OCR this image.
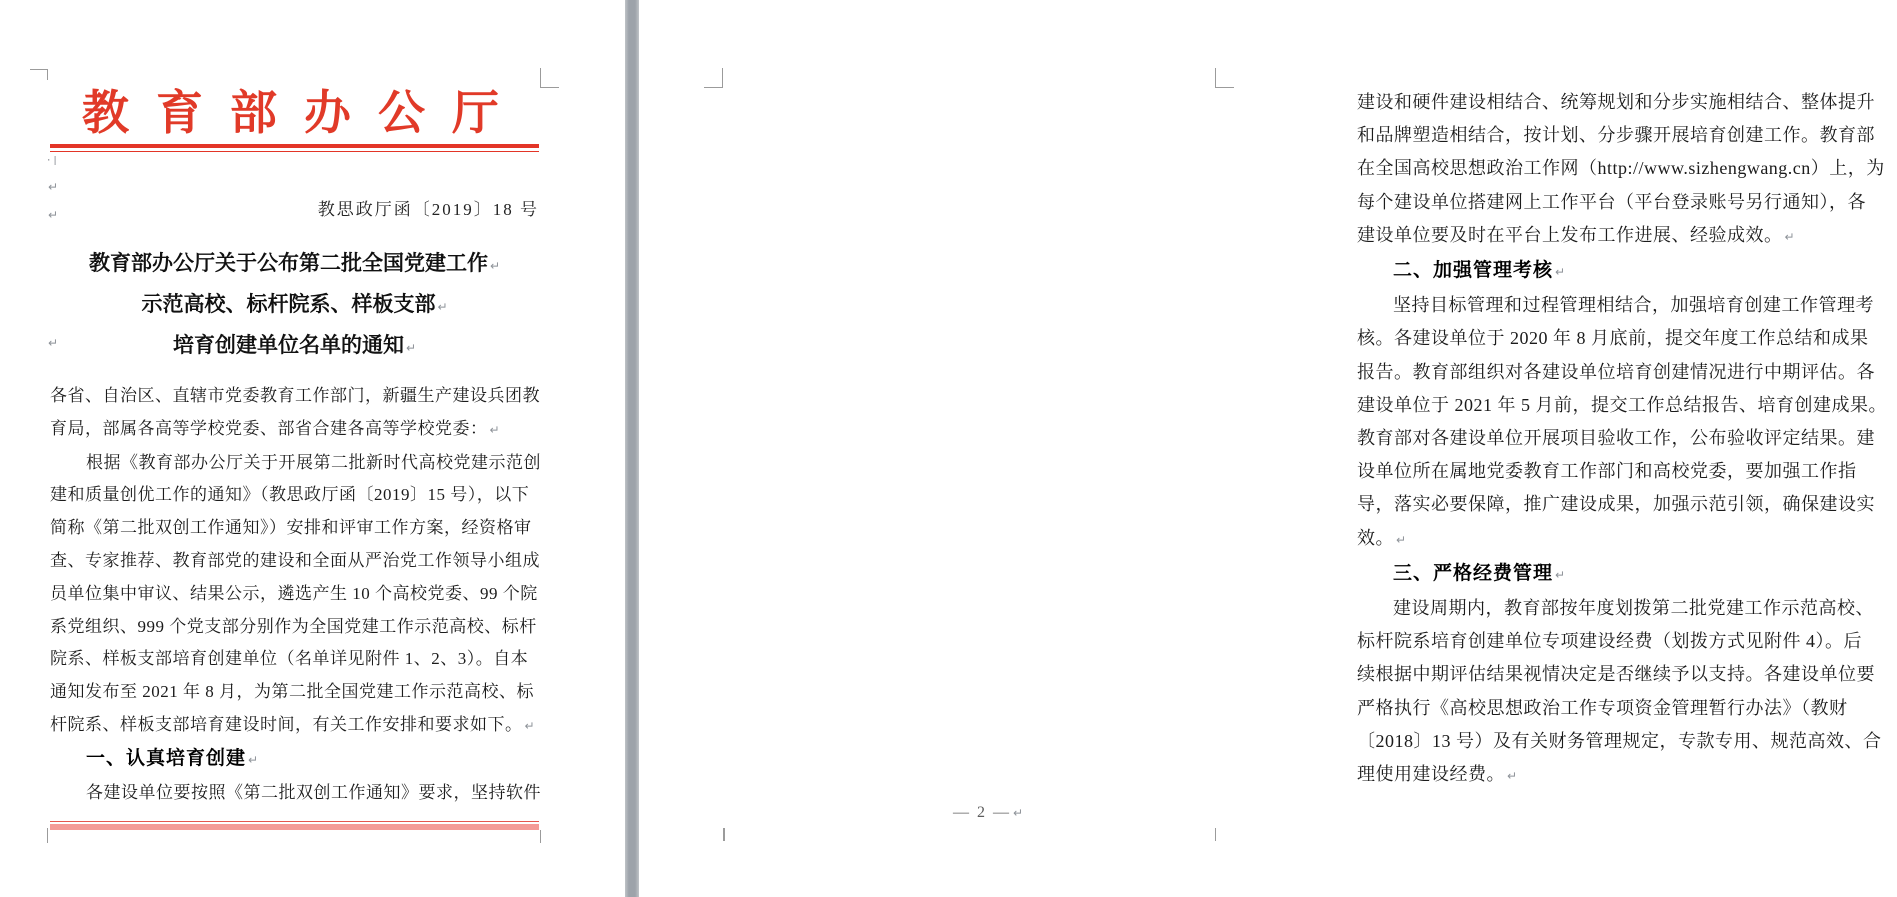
教育部办公厅
·|
↵
↵
↵
教思政厅函〔2019〕18 号
教育部办公厅关于公布第二批全国党建工作 ↵
示范高校、标杆院系、样板支部 ↵
培育创建单位名单的通知 ↵
各省、自治区、直辖市党委教育工作部门，新疆生产建设兵团教
育局，部属各高等学校党委、部省合建各高等学校党委： ↵
根据《教育部办公厅关于开展第二批新时代高校党建示范创
建和质量创优工作的通知》（教思政厅函〔2019〕15 号），以下
简称《第二批双创工作通知》）安排和评审工作方案，经资格审
查、专家推荐、教育部党的建设和全面从严治党工作领导小组成
员单位集中审议、结果公示，遴选产生 10 个高校党委、99 个院
系党组织、999 个党支部分别作为全国党建工作示范高校、标杆
院系、样板支部培育创建单位（名单详见附件 1、2、3）。自本
通知发布至 2021 年 8 月，为第二批全国党建工作示范高校、标
杆院系、样板支部培育建设时间，有关工作安排和要求如下。 ↵
一、认真培育创建 ↵
各建设单位要按照《第二批双创工作通知》要求，坚持软件
建设和硬件建设相结合、统筹规划和分步实施相结合、整体提升
和品牌塑造相结合，按计划、分步骤开展培育创建工作。教育部
在全国高校思想政治工作网（http://www.sizhengwang.cn）上，为
每个建设单位搭建网上工作平台（平台登录账号另行通知），各
建设单位要及时在平台上发布工作进展、经验成效。 ↵
二、加强管理考核 ↵
坚持目标管理和过程管理相结合，加强培育创建工作管理考
核。各建设单位于 2020 年 8 月底前，提交年度工作总结和成果
报告。教育部组织对各建设单位培育创建情况进行中期评估。各
建设单位于 2021 年 5 月前，提交工作总结报告、培育创建成果。
教育部对各建设单位开展项目验收工作，公布验收评定结果。建
设单位所在属地党委教育工作部门和高校党委，要加强工作指
导，落实必要保障，推广建设成果，加强示范引领，确保建设实
效。 ↵
三、严格经费管理 ↵
建设周期内，教育部按年度划拨第二批党建工作示范高校、
标杆院系培育创建单位专项建设经费（划拨方式见附件 4）。后
续根据中期评估结果视情决定是否继续予以支持。各建设单位要
严格执行《高校思想政治工作专项资金管理暂行办法》（教财
〔2018〕13 号）及有关财务管理规定，专款专用、规范高效、合
理使用建设经费。 ↵
— 2 — ↵
